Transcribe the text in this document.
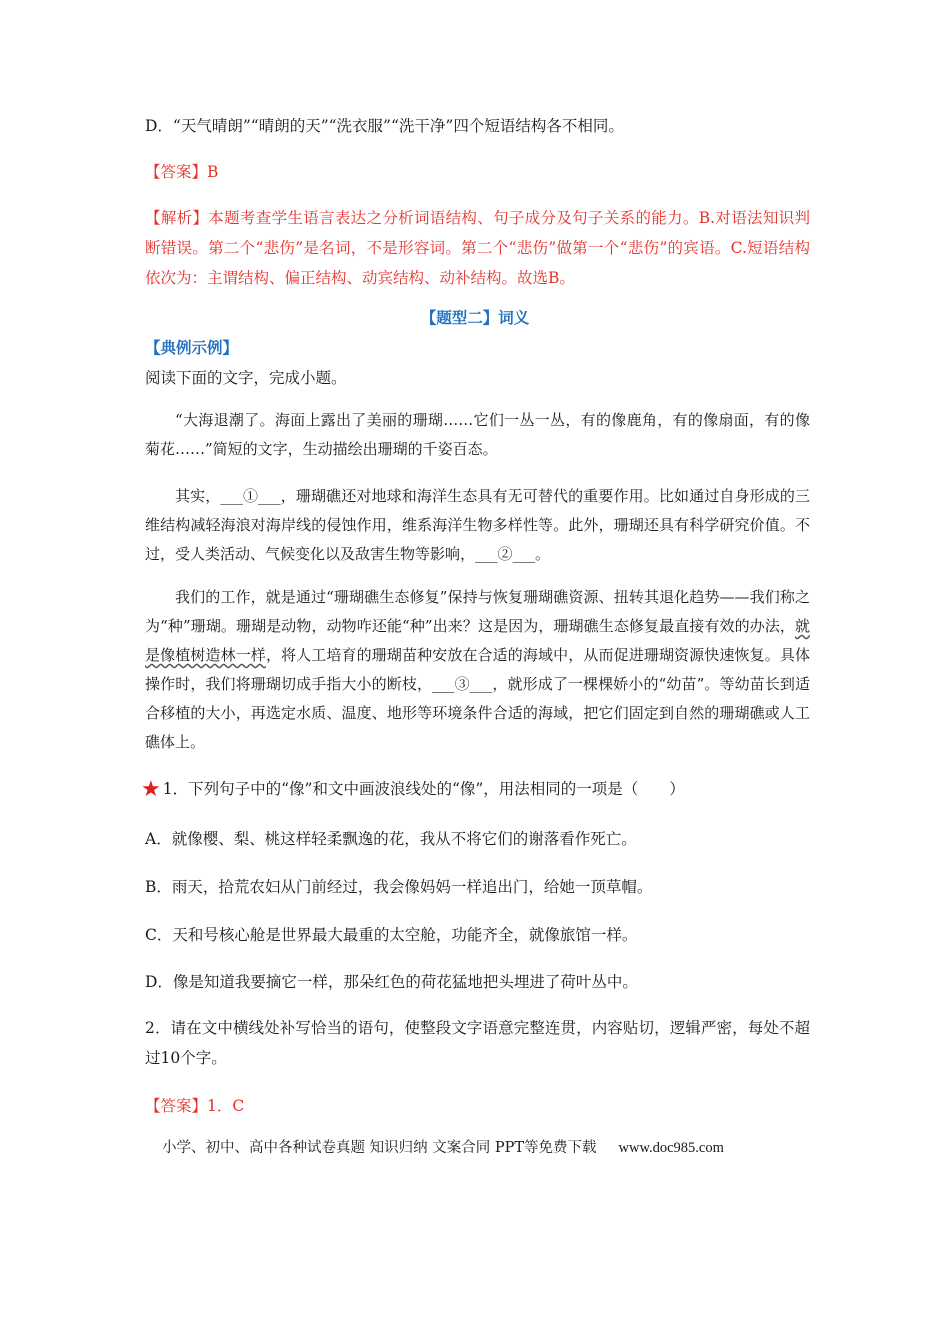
D．“天气晴朗”“晴朗的天”“洗衣服”“洗干净”四个短语结构各不相同。
【答案】B
【解析】本题考查学生语言表达之分析词语结构、句子成分及句子关系的能力。B.对语法知识判断错误。第二个“悲伤”是名词，不是形容词。第二个“悲伤”做第一个“悲伤”的宾语。C.短语结构依次为：主谓结构、偏正结构、动宾结构、动补结构。故选B。
【题型二】词义
【典例示例】
阅读下面的文字，完成小题。
“大海退潮了。海面上露出了美丽的珊瑚……它们一丛一丛，有的像鹿角，有的像扇面，有的像菊花……”简短的文字，生动描绘出珊瑚的千姿百态。
其实，___①___，珊瑚礁还对地球和海洋生态具有无可替代的重要作用。比如通过自身形成的三维结构减轻海浪对海岸线的侵蚀作用，维系海洋生物多样性等。此外，珊瑚还具有科学研究价值。不过，受人类活动、气候变化以及敌害生物等影响，___②___。
我们的工作，就是通过“珊瑚礁生态修复”保持与恢复珊瑚礁资源、扭转其退化趋势——我们称之为“种”珊瑚。珊瑚是动物，动物咋还能“种”出来？这是因为，珊瑚礁生态修复最直接有效的办法，就是像植树造林一样，将人工培育的珊瑚苗种安放在合适的海域中，从而促进珊瑚资源快速恢复。具体操作时，我们将珊瑚切成手指大小的断枝，___③___，就形成了一棵棵娇小的“幼苗”。等幼苗长到适合移植的大小，再选定水质、温度、地形等环境条件合适的海域，把它们固定到自然的珊瑚礁或人工礁体上。
★ 1．下列句子中的“像”和文中画波浪线处的“像”，用法相同的一项是（　　）
A．就像樱、梨、桃这样轻柔飘逸的花，我从不将它们的谢落看作死亡。
B．雨天，拾荒农妇从门前经过，我会像妈妈一样追出门，给她一顶草帽。
C．天和号核心舱是世界最大最重的太空舱，功能齐全，就像旅馆一样。
D．像是知道我要摘它一样，那朵红色的荷花猛地把头埋进了荷叶丛中。
2．请在文中横线处补写恰当的语句，使整段文字语意完整连贯，内容贴切，逻辑严密，每处不超过10个字。
【答案】1．C
小学、初中、高中各种试卷真题 知识归纳 文案合同 PPT等免费下载 www.doc985.com
